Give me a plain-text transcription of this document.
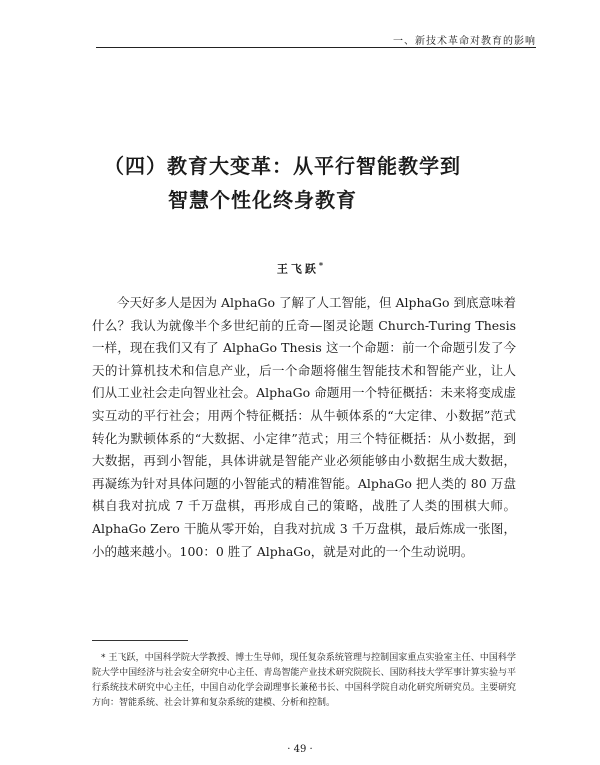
一、新技术革命对教育的影响
（四）教育大变革：从平行智能教学到
智慧个性化终身教育
王飞跃*

今天好多人是因为 AlphaGo 了解了人工智能，但 AlphaGo 到底意味着什么？我认为就像半个多世纪前的丘奇—图灵论题 Church-Turing Thesis 一样，现在我们又有了 AlphaGo Thesis 这一个命题：前一个命题引发了今天的计算机技术和信息产业，后一个命题将催生智能技术和智能产业，让人们从工业社会走向智业社会。AlphaGo 命题用一个特征概括：未来将变成虚实互动的平行社会；用两个特征概括：从牛顿体系的“大定律、小数据”范式转化为默顿体系的“大数据、小定律”范式；用三个特征概括：从小数据，到大数据，再到小智能，具体讲就是智能产业必须能够由小数据生成大数据，再凝练为针对具体问题的小智能式的精准智能。AlphaGo 把人类的 80 万盘棋自我对抗成 7 千万盘棋，再形成自己的策略，战胜了人类的围棋大师。AlphaGo Zero 干脆从零开始，自我对抗成 3 千万盘棋，最后炼成一张图，小的越来越小。100：0 胜了 AlphaGo，就是对此的一个生动说明。

* 王飞跃，中国科学院大学教授、博士生导师，现任复杂系统管理与控制国家重点实验室主任、中国科学院大学中国经济与社会安全研究中心主任、青岛智能产业技术研究院院长、国防科技大学军事计算实验与平行系统技术研究中心主任，中国自动化学会副理事长兼秘书长、中国科学院自动化研究所研究员。主要研究方向：智能系统、社会计算和复杂系统的建模、分析和控制。

· 49 ·
